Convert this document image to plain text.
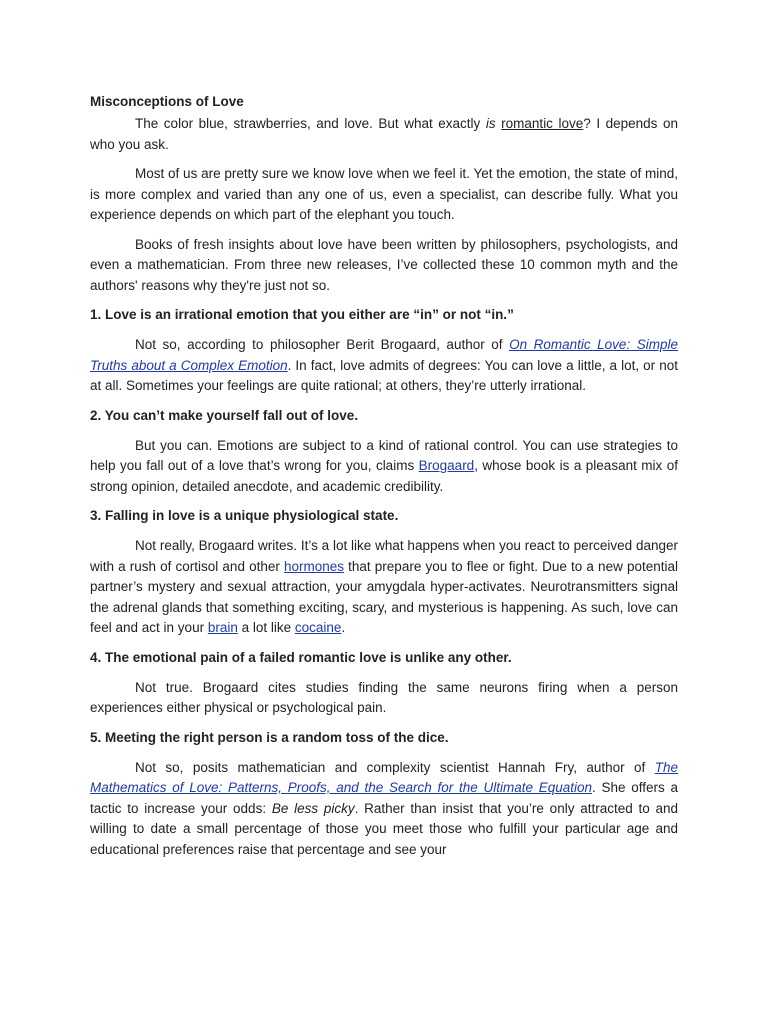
Misconceptions of Love

The color blue, strawberries, and love. But what exactly is romantic love? I depends on who you ask.

Most of us are pretty sure we know love when we feel it. Yet the emotion, the state of mind, is more complex and varied than any one of us, even a specialist, can describe fully. What you experience depends on which part of the elephant you touch.

Books of fresh insights about love have been written by philosophers, psychologists, and even a mathematician. From three new releases, I’ve collected these 10 common myth and the authors' reasons why they're just not so.

1. Love is an irrational emotion that you either are “in” or not “in.”

Not so, according to philosopher Berit Brogaard, author of On Romantic Love: Simple Truths about a Complex Emotion. In fact, love admits of degrees: You can love a little, a lot, or not at all. Sometimes your feelings are quite rational; at others, they’re utterly irrational.

2. You can’t make yourself fall out of love.

But you can. Emotions are subject to a kind of rational control. You can use strategies to help you fall out of a love that’s wrong for you, claims Brogaard, whose book is a pleasant mix of strong opinion, detailed anecdote, and academic credibility.

3. Falling in love is a unique physiological state.

Not really, Brogaard writes. It’s a lot like what happens when you react to perceived danger with a rush of cortisol and other hormones that prepare you to flee or fight. Due to a new potential partner’s mystery and sexual attraction, your amygdala hyper-activates. Neurotransmitters signal the adrenal glands that something exciting, scary, and mysterious is happening. As such, love can feel and act in your brain a lot like cocaine.

4. The emotional pain of a failed romantic love is unlike any other.

Not true. Brogaard cites studies finding the same neurons firing when a person experiences either physical or psychological pain.

5. Meeting the right person is a random toss of the dice.

Not so, posits mathematician and complexity scientist Hannah Fry, author of The Mathematics of Love: Patterns, Proofs, and the Search for the Ultimate Equation. She offers a tactic to increase your odds: Be less picky. Rather than insist that you’re only attracted to and willing to date a small percentage of those you meet those who fulfill your particular age and educational preferences raise that percentage and see your
